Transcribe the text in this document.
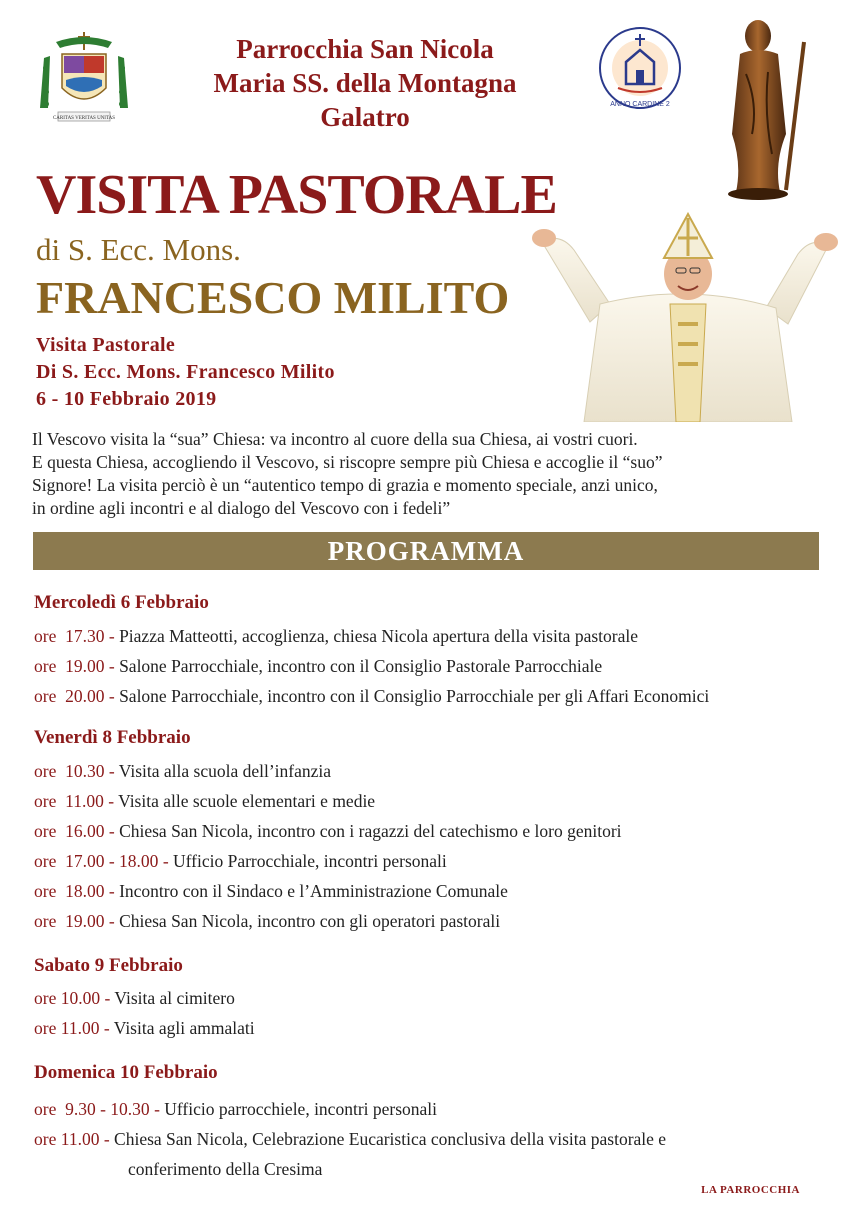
CARITAS VERITAS UNITAS
Parrocchia San Nicola
Maria SS. della Montagna
Galatro	ANNO CARDINE 2
VISITA PASTORALE
di S. Ecc. Mons.
FRANCESCO MILITO
Visita Pastorale
Di S. Ecc. Mons. Francesco Milito
6 - 10 Febbraio 2019
Il Vescovo visita la “sua” Chiesa: va incontro al cuore della sua Chiesa, ai vostri cuori.
E questa Chiesa, accogliendo il Vescovo, si riscopre sempre più Chiesa e accoglie il “suo”
Signore! La visita perciò è un “autentico tempo di grazia e momento speciale, anzi unico,
in ordine agli incontri e al dialogo del Vescovo con i fedeli”
PROGRAMMA
Mercoledì 6 Febbraio
ore 17.30 - Piazza Matteotti, accoglienza, chiesa Nicola apertura della visita pastorale
ore 19.00 - Salone Parrocchiale, incontro con il Consiglio Pastorale Parrocchiale
ore 20.00 - Salone Parrocchiale, incontro con il Consiglio Parrocchiale per gli Affari Economici
Venerdì 8 Febbraio
ore 10.30 - Visita alla scuola dell’infanzia
ore 11.00 - Visita alle scuole elementari e medie
ore 16.00 - Chiesa San Nicola, incontro con i ragazzi del catechismo e loro genitori
ore 17.00 - 18.00 - Ufficio Parrocchiale, incontri personali
ore 18.00 - Incontro con il Sindaco e l’Amministrazione Comunale
ore 19.00 - Chiesa San Nicola, incontro con gli operatori pastorali
Sabato 9 Febbraio
ore 10.00 - Visita al cimitero
ore 11.00 - Visita agli ammalati
Domenica 10 Febbraio
ore 9.30 - 10.30 - Ufficio parrocchiele, incontri personali
ore 11.00 - Chiesa San Nicola, Celebrazione Eucaristica conclusiva della visita pastorale e
conferimento della Cresima
LA PARROCCHIA
